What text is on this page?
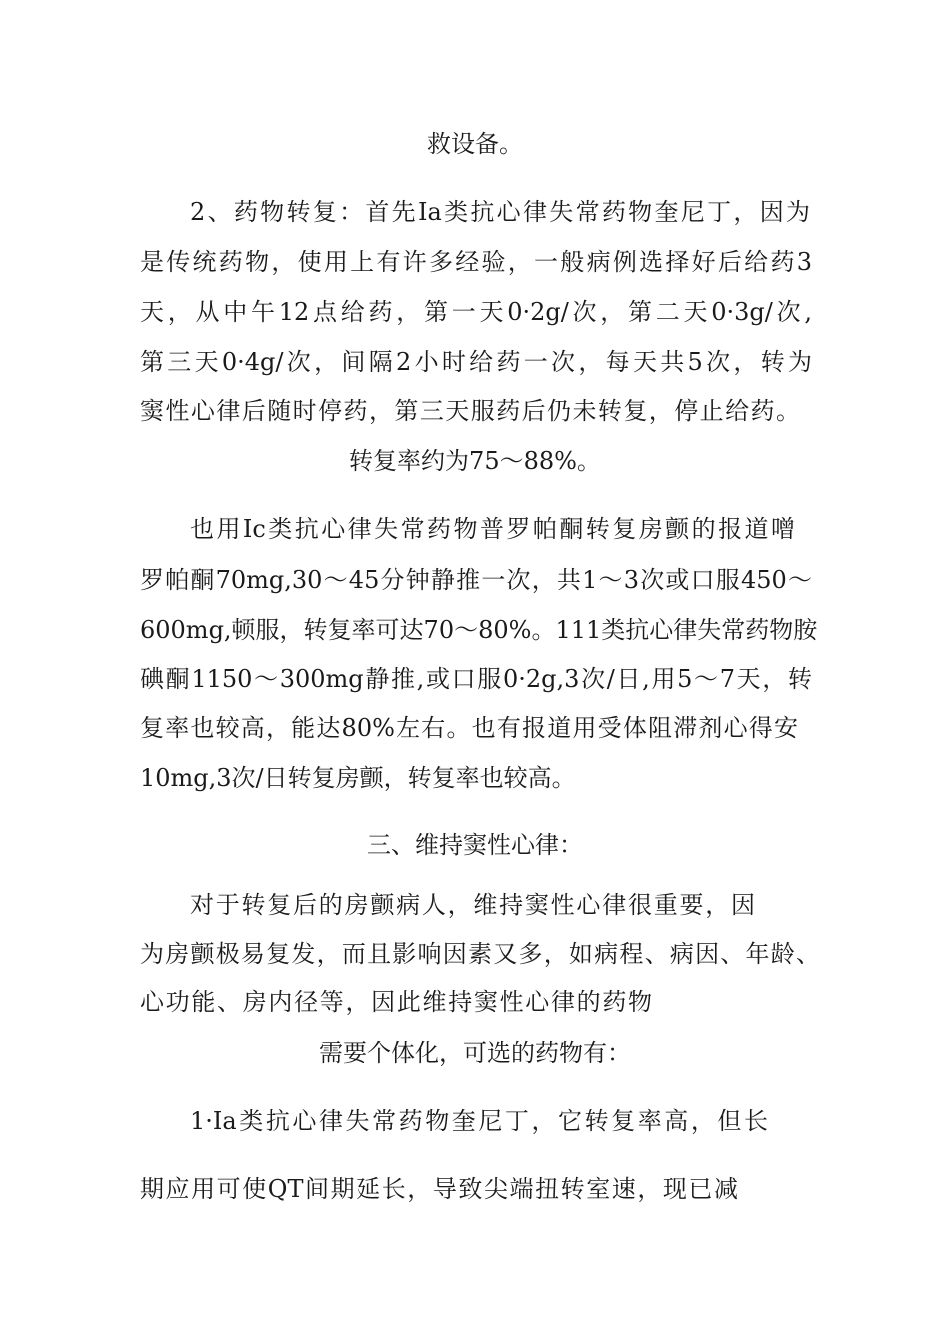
救设备。
2、药物转复：首先Ia类抗心律失常药物奎尼丁，因为
是传统药物，使用上有许多经验，一般病例选择好后给药3
天，从中午12点给药，第一天0·2g/次，第二天0·3g/次,
第三天0·4g/次，间隔2小时给药一次，每天共5次，转为
窦性心律后随时停药，第三天服药后仍未转复，停止给药。
转复率约为75〜88%。
也用Ic类抗心律失常药物普罗帕酮转复房颤的报道噌
罗帕酮70mg,30〜45分钟静推一次，共1〜3次或口服450〜
600mg,顿服，转复率可达70〜80%。111类抗心律失常药物胺
碘酮1150〜300mg静推,或口服0·2g,3次/日,用5〜7天，转
复率也较高，能达80%左右。也有报道用受体阻滞剂心得安
10mg,3次/日转复房颤，转复率也较高。
三、维持窦性心律：
对于转复后的房颤病人，维持窦性心律很重要，因
为房颤极易复发，而且影响因素又多，如病程、病因、年龄、
心功能、房内径等，因此维持窦性心律的药物
需要个体化，可选的药物有：
1·Ia类抗心律失常药物奎尼丁，它转复率高，但长
期应用可使QT间期延长，导致尖端扭转室速，现已减
